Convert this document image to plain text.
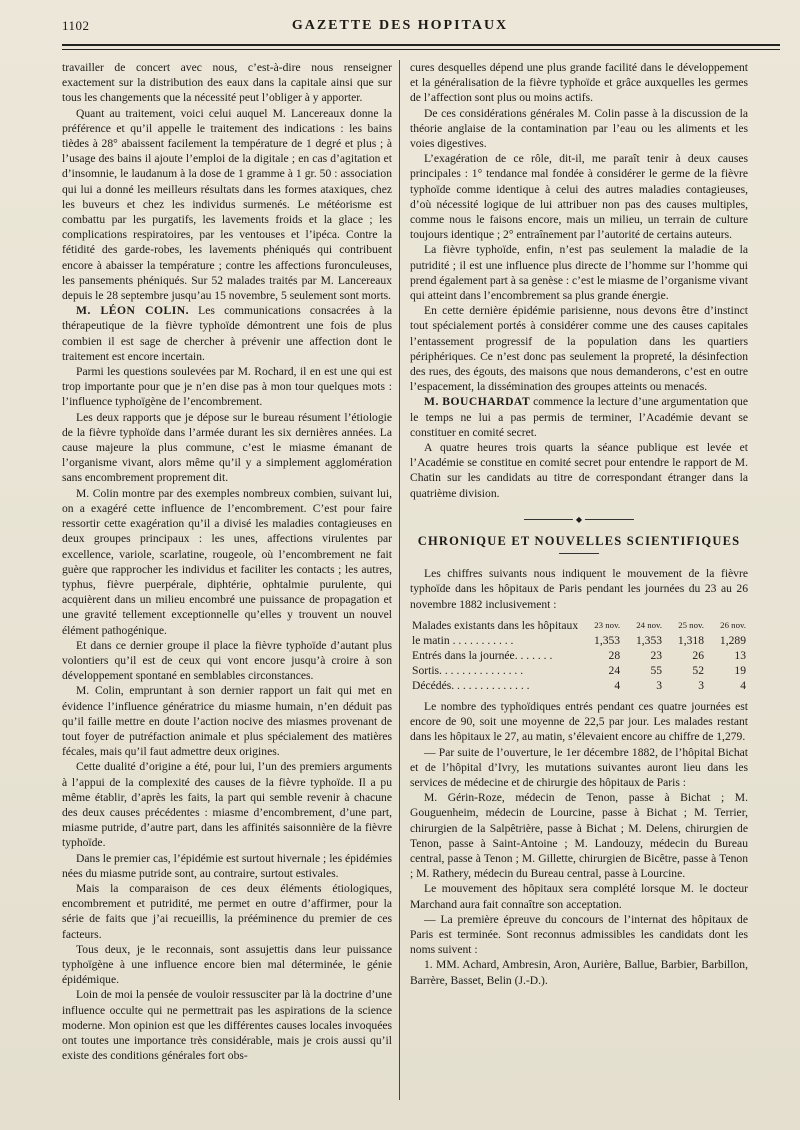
1102	GAZETTE DES HOPITAUX

travailler de concert avec nous, c’est-à-dire nous renseigner exactement sur la distribution des eaux dans la capitale ainsi que sur tous les changements que la nécessité peut l’obliger à y apporter.

Quant au traitement, voici celui auquel M. Lancereaux donne la préférence et qu’il appelle le traitement des indications : les bains tièdes à 28° abaissent facilement la température de 1 degré et plus ; à l’usage des bains il ajoute l’emploi de la digitale ; en cas d’agitation et d’insomnie, le laudanum à la dose de 1 gramme à 1 gr. 50 : association qui lui a donné les meilleurs résultats dans les formes ataxiques, chez les buveurs et chez les individus surmenés. Le météorisme est combattu par les purgatifs, les lavements froids et la glace ; les complications respiratoires, par les ventouses et l’ipéca. Contre la fétidité des garde-robes, les lavements phéniqués qui contribuent encore à abaisser la température ; contre les affections furonculeuses, les pansements phéniqués. Sur 52 malades traités par M. Lancereaux depuis le 28 septembre jusqu’au 15 novembre, 5 seulement sont morts.

M. LÉON COLIN. Les communications consacrées à la thérapeutique de la fièvre typhoïde démontrent une fois de plus combien il est sage de chercher à prévenir une affection dont le traitement est encore incertain.

Parmi les questions soulevées par M. Rochard, il en est une qui est trop importante pour que je n’en dise pas à mon tour quelques mots : l’influence typhoïgène de l’encombrement.

Les deux rapports que je dépose sur le bureau résument l’étiologie de la fièvre typhoïde dans l’armée durant les six dernières années. La cause majeure la plus commune, c’est le miasme émanant de l’organisme vivant, alors même qu’il y a simplement agglomération sans encombrement proprement dit.

M. Colin montre par des exemples nombreux combien, suivant lui, on a exagéré cette influence de l’encombrement. C’est pour faire ressortir cette exagération qu’il a divisé les maladies contagieuses en deux groupes principaux : les unes, affections virulentes par excellence, variole, scarlatine, rougeole, où l’encombrement ne fait guère que rapprocher les individus et faciliter les contacts ; les autres, typhus, fièvre puerpérale, diphtérie, ophtalmie purulente, qui acquièrent dans un milieu encombré une puissance de propagation et une gravité tellement exceptionnelle qu’elles y trouvent un nouvel élément pathogénique.

Et dans ce dernier groupe il place la fièvre typhoïde d’autant plus volontiers qu’il est de ceux qui vont encore jusqu’à croire à son développement spontané en semblables circonstances.

M. Colin, empruntant à son dernier rapport un fait qui met en évidence l’influence génératrice du miasme humain, n’en déduit pas qu’il faille mettre en doute l’action nocive des miasmes provenant de tout foyer de putréfaction animale et plus spécialement des matières fécales, mais qu’il faut admettre deux origines.

Cette dualité d’origine a été, pour lui, l’un des premiers arguments à l’appui de la complexité des causes de la fièvre typhoïde. Il a pu même établir, d’après les faits, la part qui semble revenir à chacune des deux causes précédentes : miasme d’encombrement, d’une part, miasme putride, d’autre part, dans les affinités saisonnière de la fièvre typhoïde.

Dans le premier cas, l’épidémie est surtout hivernale ; les épidémies nées du miasme putride sont, au contraire, surtout estivales.

Mais la comparaison de ces deux éléments étiologiques, encombrement et putridité, me permet en outre d’affirmer, pour la série de faits que j’ai recueillis, la prééminence du premier de ces facteurs.

Tous deux, je le reconnais, sont assujettis dans leur puissance typhoïgène à une influence encore bien mal déterminée, le génie épidémique.

Loin de moi la pensée de vouloir ressusciter par là la doctrine d’une influence occulte qui ne permettrait pas les aspirations de la science moderne. Mon opinion est que les différentes causes locales invoquées ont toutes une importance très considérable, mais je crois aussi qu’il existe des conditions générales fort obs-

cures desquelles dépend une plus grande facilité dans le développement et la généralisation de la fièvre typhoïde et grâce auxquelles les germes de l’affection sont plus ou moins actifs.

De ces considérations générales M. Colin passe à la discussion de la théorie anglaise de la contamination par l’eau ou les aliments et les voies digestives.

L’exagération de ce rôle, dit-il, me paraît tenir à deux causes principales : 1° tendance mal fondée à considérer le germe de la fièvre typhoïde comme identique à celui des autres maladies contagieuses, d’où nécessité logique de lui attribuer non pas des causes multiples, comme nous le faisons encore, mais un milieu, un terrain de culture toujours identique ; 2° entraînement par l’autorité de certains auteurs.

La fièvre typhoïde, enfin, n’est pas seulement la maladie de la putridité ; il est une influence plus directe de l’homme sur l’homme qui prend également part à sa genèse : c’est le miasme de l’organisme vivant qui atteint dans l’encombrement sa plus grande énergie.

En cette dernière épidémie parisienne, nous devons être d’instinct tout spécialement portés à considérer comme une des causes capitales l’entassement progressif de la population dans les quartiers périphériques. Ce n’est donc pas seulement la propreté, la désinfection des rues, des égouts, des maisons que nous demanderons, c’est en outre l’espacement, la dissémination des groupes atteints ou menacés.

M. BOUCHARDAT commence la lecture d’une argumentation que le temps ne lui a pas permis de terminer, l’Académie devant se constituer en comité secret.

A quatre heures trois quarts la séance publique est levée et l’Académie se constitue en comité secret pour entendre le rapport de M. Chatin sur les candidats au titre de correspondant étranger dans la quatrième division.

◆
CHRONIQUE ET NOUVELLES SCIENTIFIQUES

Les chiffres suivants nous indiquent le mouvement de la fièvre typhoïde dans les hôpitaux de Paris pendant les journées du 23 au 26 novembre 1882 inclusivement :

Malades existants dans les hôpitaux	23 nov.	24 nov.	25 nov.	26 nov.
le matin . . . . . . . . . . .	1,353	1,353	1,318	1,289
Entrés dans la journée. . . . . . .	28	23	26	13
Sortis. . . . . . . . . . . . . . .	24	55	52	19
Décédés. . . . . . . . . . . . . .	4	3	3	4

Le nombre des typhoïdiques entrés pendant ces quatre journées est encore de 90, soit une moyenne de 22,5 par jour. Les malades restant dans les hôpitaux le 27, au matin, s’élevaient encore au chiffre de 1,279.

— Par suite de l’ouverture, le 1er décembre 1882, de l’hôpital Bichat et de l’hôpital d’Ivry, les mutations suivantes auront lieu dans les services de médecine et de chirurgie des hôpitaux de Paris :

M. Gérin-Roze, médecin de Tenon, passe à Bichat ; M. Gouguenheim, médecin de Lourcine, passe à Bichat ; M. Terrier, chirurgien de la Salpêtrière, passe à Bichat ; M. Delens, chirurgien de Tenon, passe à Saint-Antoine ; M. Landouzy, médecin du Bureau central, passe à Tenon ; M. Gillette, chirurgien de Bicêtre, passe à Tenon ; M. Rathery, médecin du Bureau central, passe à Lourcine.

Le mouvement des hôpitaux sera complété lorsque M. le docteur Marchand aura fait connaître son acceptation.

— La première épreuve du concours de l’internat des hôpitaux de Paris est terminée. Sont reconnus admissibles les candidats dont les noms suivent :

1. MM. Achard, Ambresin, Aron, Aurière, Ballue, Barbier, Barbillon, Barrère, Basset, Belin (J.-D.).
